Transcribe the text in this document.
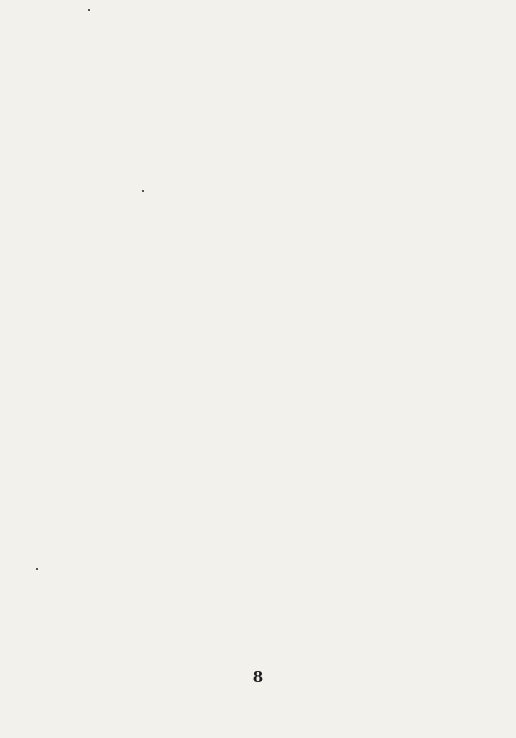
8
